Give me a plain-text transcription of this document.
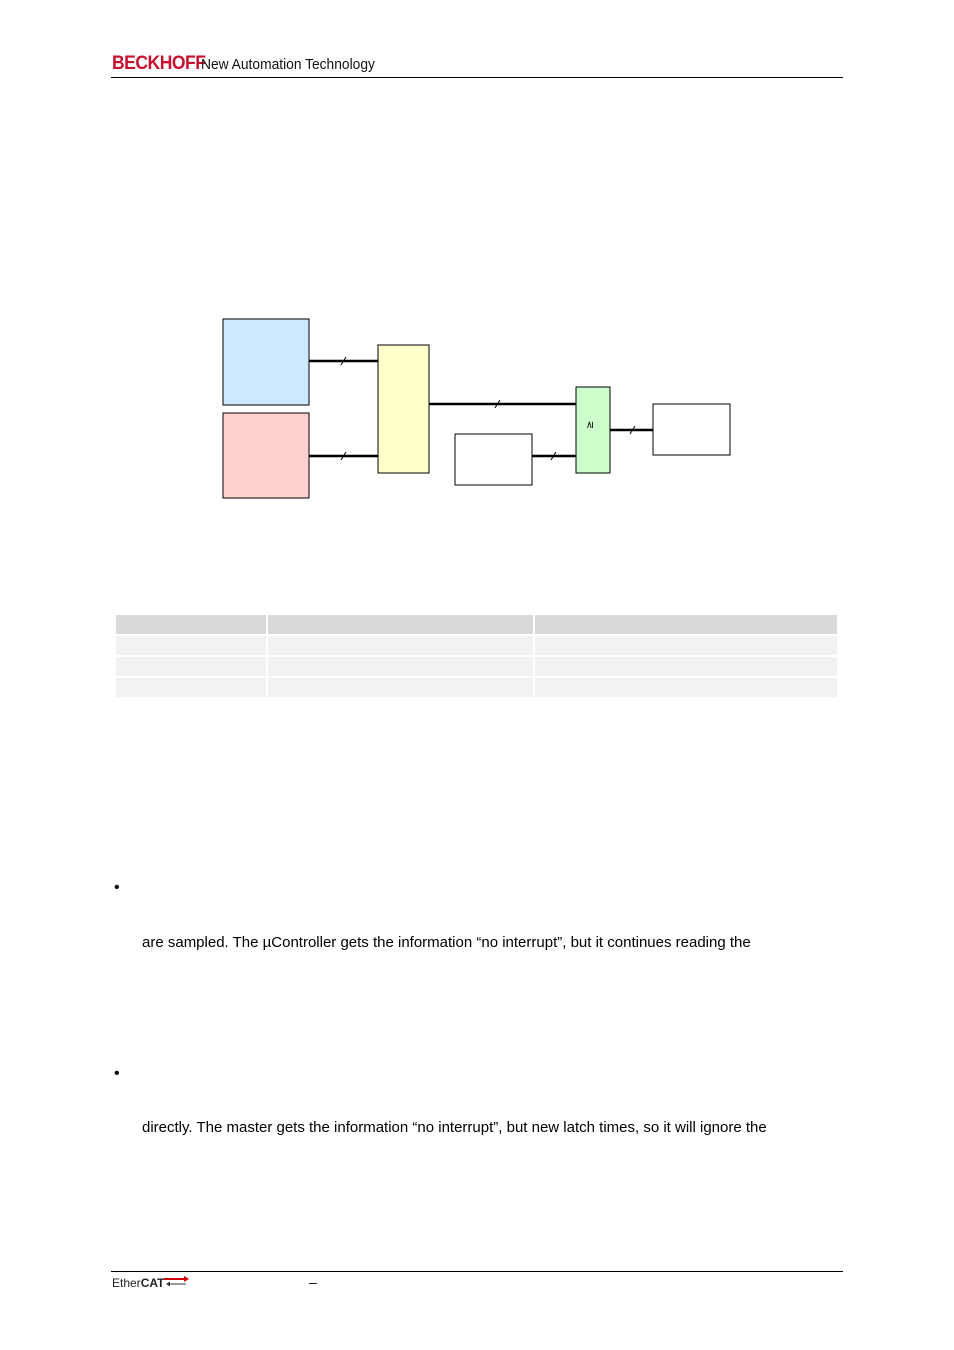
BECKHOFF
New Automation Technology
≥

•
are sampled. The µController gets the information “no interrupt”, but it continues reading the
•
directly. The master gets the information “no interrupt”, but new latch times, so it will ignore the
EtherCAT	–
